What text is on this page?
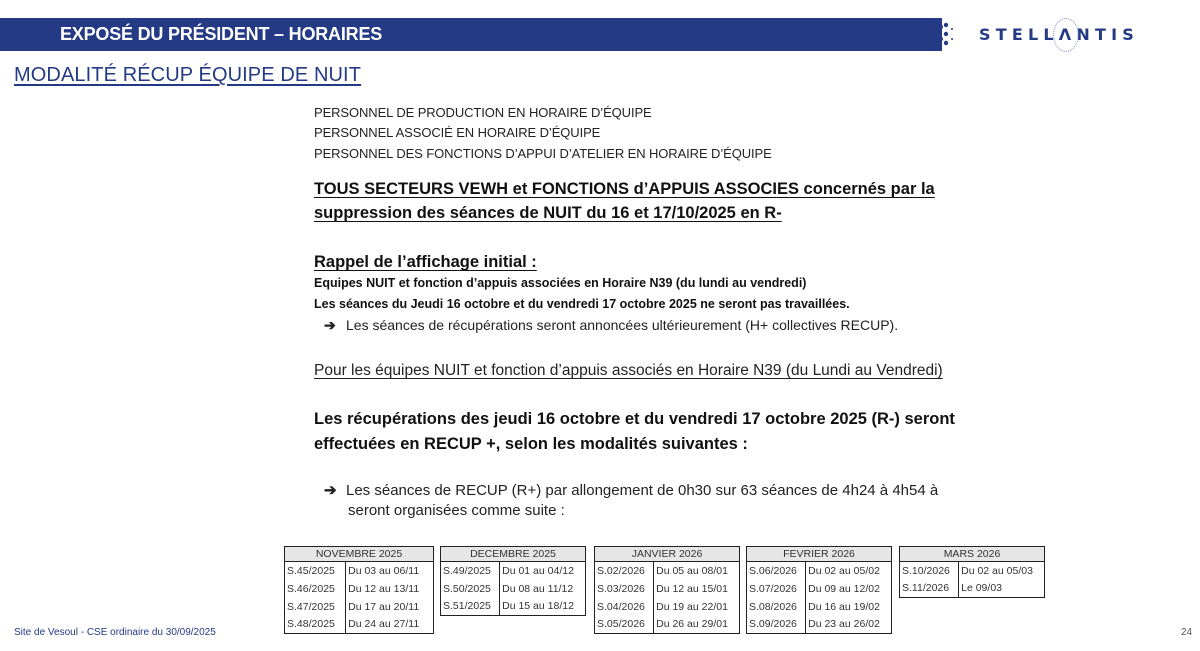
EXPOSÉ DU PRÉSIDENT – HORAIRES	STELL
ΛNTIS
MODALITÉ RÉCUP ÉQUIPE DE NUIT
PERSONNEL DE PRODUCTION EN HORAIRE D’ÉQUIPE
PERSONNEL ASSOCIÉ EN HORAIRE D’ÉQUIPE
PERSONNEL DES FONCTIONS D’APPUI D’ATELIER EN HORAIRE D’ÉQUIPE
TOUS SECTEURS VEWH et FONCTIONS d’APPUIS ASSOCIES concernés par la
suppression des séances de NUIT du 16 et 17/10/2025 en R-
Rappel de l’affichage initial :
Equipes NUIT et fonction d’appuis associées en Horaire N39 (du lundi au vendredi)
Les séances du Jeudi 16 octobre et du vendredi 17 octobre 2025 ne seront pas travaillées.
➔ Les séances de récupérations seront annoncées ultérieurement (H+ collectives RECUP).
Pour les équipes NUIT et fonction d’appuis associés en Horaire N39 (du Lundi au Vendredi)
Les récupérations des jeudi 16 octobre et du vendredi 17 octobre 2025 (R-) seront
effectuées en RECUP +, selon les modalités suivantes :
➔ Les séances de RECUP (R+) par allongement de 0h30 sur 63 séances de 4h24 à 4h54 à
seront organisées comme suite :
NOVEMBRE 2025	
S.45/2025	Du 03 au 06/11
S.46/2025	Du 12 au 13/11
S.47/2025	Du 17 au 20/11
S.48/2025	Du 24 au 27/11
DECEMBRE 2025	
S.49/2025	Du 01 au 04/12
S.50/2025	Du 08 au 11/12
S.51/2025	Du 15 au 18/12
JANVIER 2026	
S.02/2026	Du 05 au 08/01
S.03/2026	Du 12 au 15/01
S.04/2026	Du 19 au 22/01
S.05/2026	Du 26 au 29/01
FEVRIER 2026	
S.06/2026	Du 02 au 05/02
S.07/2026	Du 09 au 12/02
S.08/2026	Du 16 au 19/02
S.09/2026	Du 23 au 26/02
MARS 2026	
S.10/2026	Du 02 au 05/03
S.11/2026	Le 09/03
Site de Vesoul - CSE ordinaire du 30/09/2025	24
